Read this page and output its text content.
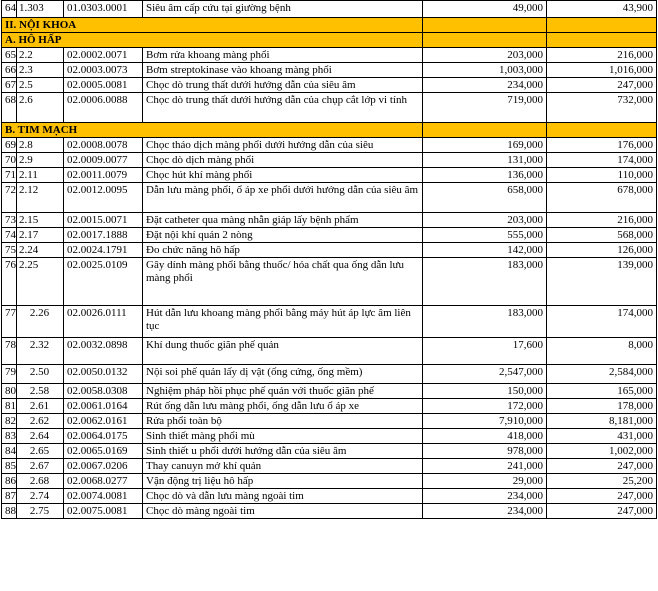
64	1.303	01.0303.0001	Siêu âm cấp cứu tại giường bệnh	49,000	43,900
II. NỘI KHOA					
A. HÔ HẤP					
65	2.2	02.0002.0071	Bơm rửa khoang màng phổi	203,000	216,000
66	2.3	02.0003.0073	Bơm streptokinase vào khoang màng phổi	1,003,000	1,016,000
67	2.5	02.0005.0081	Chọc dò trung thất dưới hướng dẫn của siêu âm	234,000	247,000
68	2.6	02.0006.0088	Chọc dò trung thất dưới hướng dẫn của chụp cắt lớp vi tính	719,000	732,000
B. TIM MẠCH					
69	2.8	02.0008.0078	Chọc tháo dịch màng phổi dưới hướng dẫn của siêu	169,000	176,000
70	2.9	02.0009.0077	Chọc dò dịch màng phổi	131,000	174,000
71	2.11	02.0011.0079	Chọc hút khí màng phổi	136,000	110,000
72	2.12	02.0012.0095	Dẫn lưu màng phổi, ổ áp xe phổi dưới hướng dẫn của siêu âm	658,000	678,000
73	2.15	02.0015.0071	Đặt catheter qua màng nhẫn giáp lấy bệnh phẩm	203,000	216,000
74	2.17	02.0017.1888	Đặt nội khí quản 2 nòng	555,000	568,000
75	2.24	02.0024.1791	Đo chức năng hô hấp	142,000	126,000
76	2.25	02.0025.0109	Gây dính màng phổi bằng thuốc/ hóa chất qua ống dẫn lưu màng phổi	183,000	139,000
77	2.26	02.0026.0111	Hút dẫn lưu khoang màng phổi bằng máy hút áp lực âm liên tục	183,000	174,000
78	2.32	02.0032.0898	Khí dung thuốc giãn phế quản	17,600	8,000
79	2.50	02.0050.0132	Nội soi phế quản lấy dị vật (ống cứng, ống mềm)	2,547,000	2,584,000
80	2.58	02.0058.0308	Nghiệm pháp hồi phục phế quản với thuốc giãn phế	150,000	165,000
81	2.61	02.0061.0164	Rút ống dẫn lưu màng phổi, ống dẫn lưu ổ áp xe	172,000	178,000
82	2.62	02.0062.0161	Rửa phổi toàn bộ	7,910,000	8,181,000
83	2.64	02.0064.0175	Sinh thiết màng phổi mù	418,000	431,000
84	2.65	02.0065.0169	Sinh thiết u phổi dưới hướng dẫn của siêu âm	978,000	1,002,000
85	2.67	02.0067.0206	Thay canuyn mở khí quản	241,000	247,000
86	2.68	02.0068.0277	Vận động trị liệu hô hấp	29,000	25,200
87	2.74	02.0074.0081	Chọc dò và dẫn lưu màng ngoài tim	234,000	247,000
88	2.75	02.0075.0081	Chọc dò màng ngoài tim	234,000	247,000
